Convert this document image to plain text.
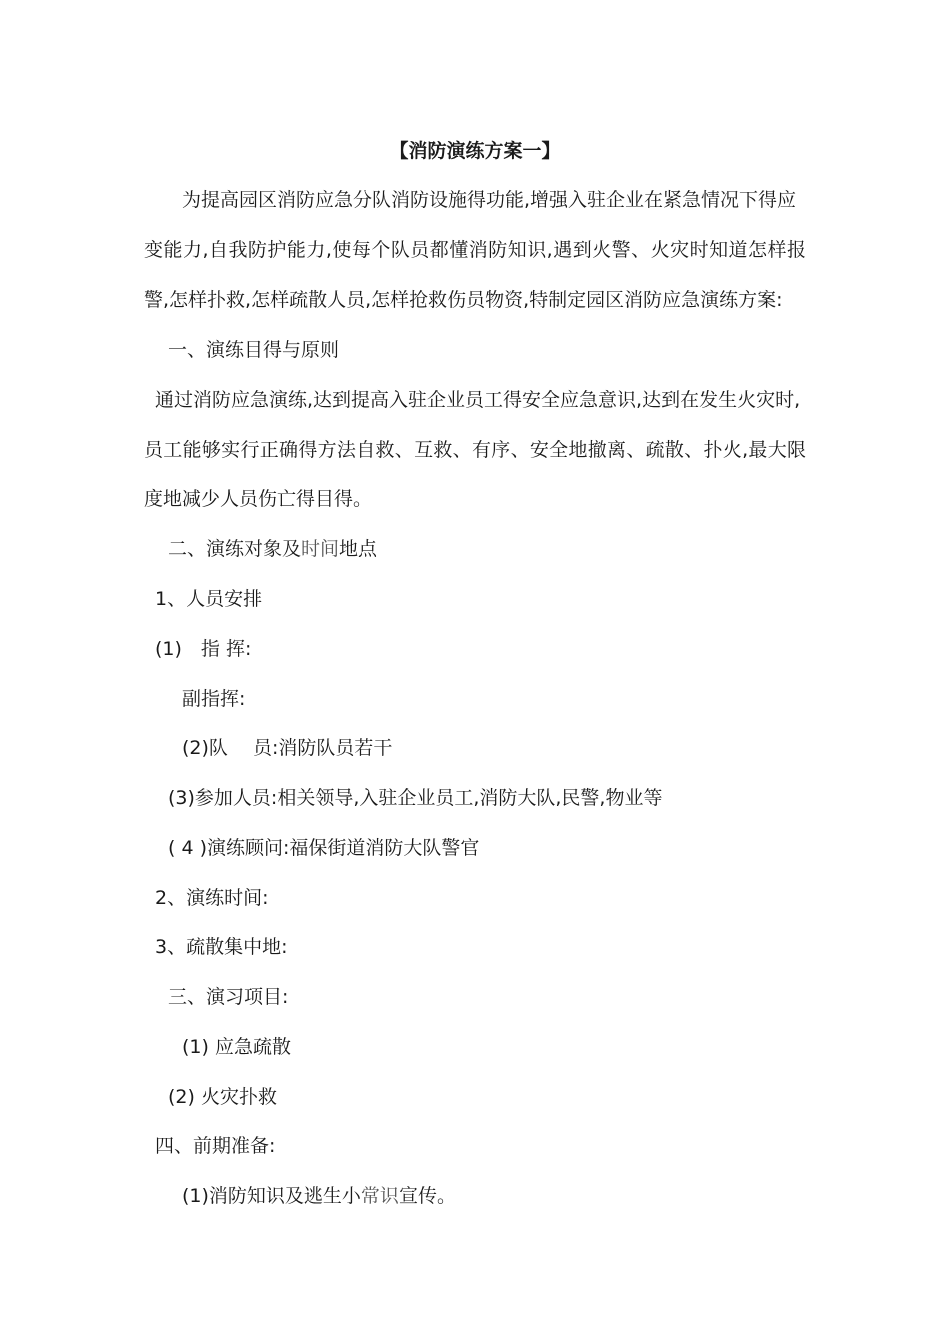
【消防演练方案一】
为提高园区消防应急分队消防设施得功能,增强入驻企业在紧急情况下得应
变能力,自我防护能力,使每个队员都懂消防知识,遇到火警、火灾时知道怎样报
警,怎样扑救,怎样疏散人员,怎样抢救伤员物资,特制定园区消防应急演练方案:
一、演练目得与原则
通过消防应急演练,达到提高入驻企业员工得安全应急意识,达到在发生火灾时,
员工能够实行正确得方法自救、互救、有序、安全地撤离、疏散、扑火,最大限
度地减少人员伤亡得目得。
二、演练对象及时间地点
1、人员安排
(1)　指 挥:
副指挥:
(2)队　 员:消防队员若干
(3)参加人员:相关领导,入驻企业员工,消防大队,民警,物业等
( 4 )演练顾问:福保街道消防大队警官
2、演练时间:
3、疏散集中地:
三、演习项目:
(1) 应急疏散
(2) 火灾扑救
四、前期准备:
(1)消防知识及逃生小常识宣传。
